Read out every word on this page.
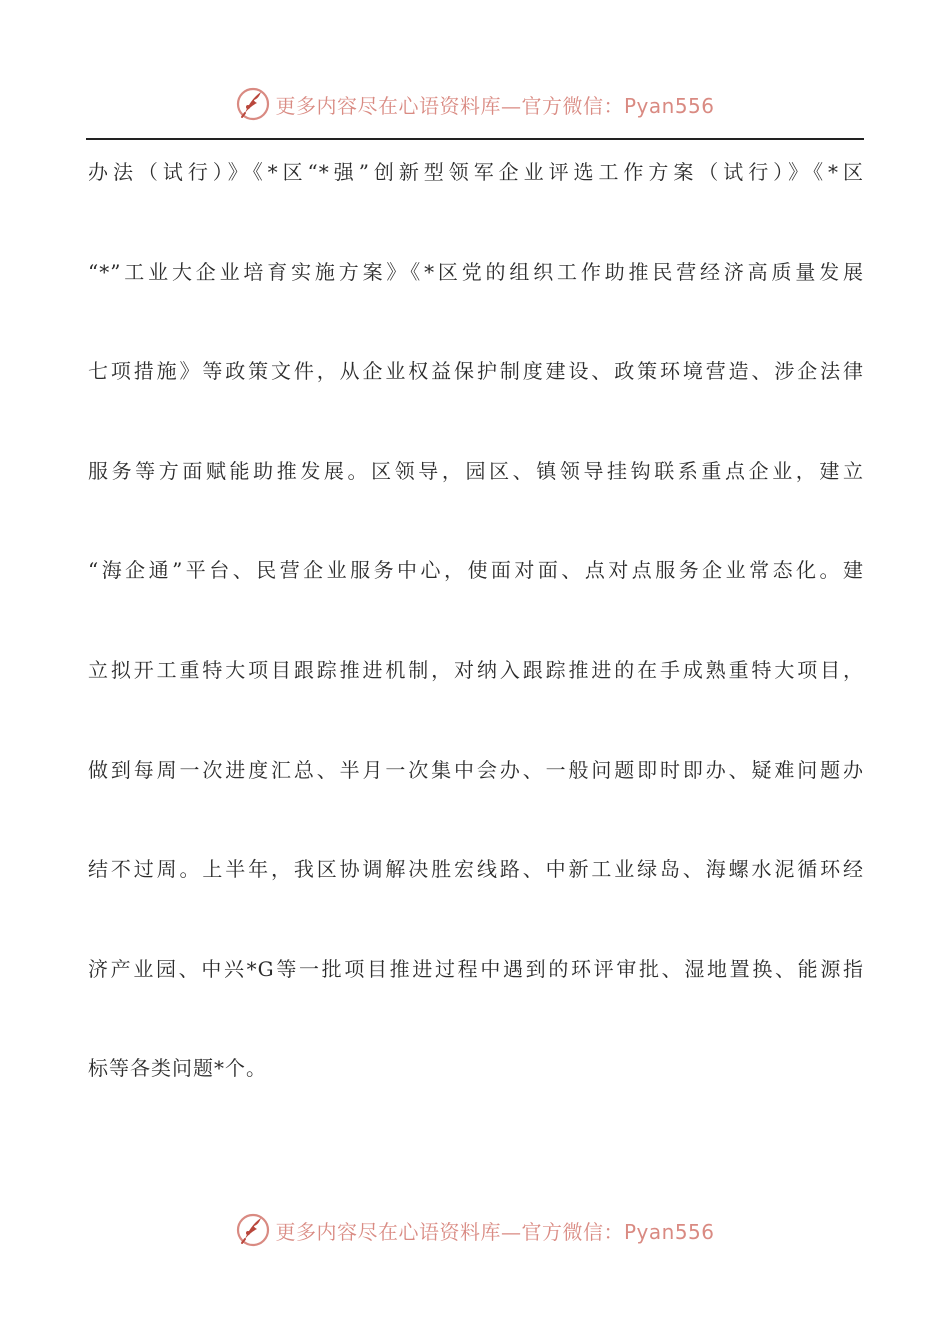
更多内容尽在心语资料库—官方微信：Pyan556
办法（试行）》《*区“*强”创新型领军企业评选工作方案（试行）》《*区
“*”工业大企业培育实施方案》《*区党的组织工作助推民营经济高质量发展
七项措施》等政策文件，从企业权益保护制度建设、政策环境营造、涉企法律
服务等方面赋能助推发展。区领导，园区、镇领导挂钩联系重点企业，建立
“海企通”平台、民营企业服务中心，使面对面、点对点服务企业常态化。建
立拟开工重特大项目跟踪推进机制，对纳入跟踪推进的在手成熟重特大项目，
做到每周一次进度汇总、半月一次集中会办、一般问题即时即办、疑难问题办
结不过周。上半年，我区协调解决胜宏线路、中新工业绿岛、海螺水泥循环经
济产业园、中兴*G等一批项目推进过程中遇到的环评审批、湿地置换、能源指
标等各类问题*个。
更多内容尽在心语资料库—官方微信：Pyan556
